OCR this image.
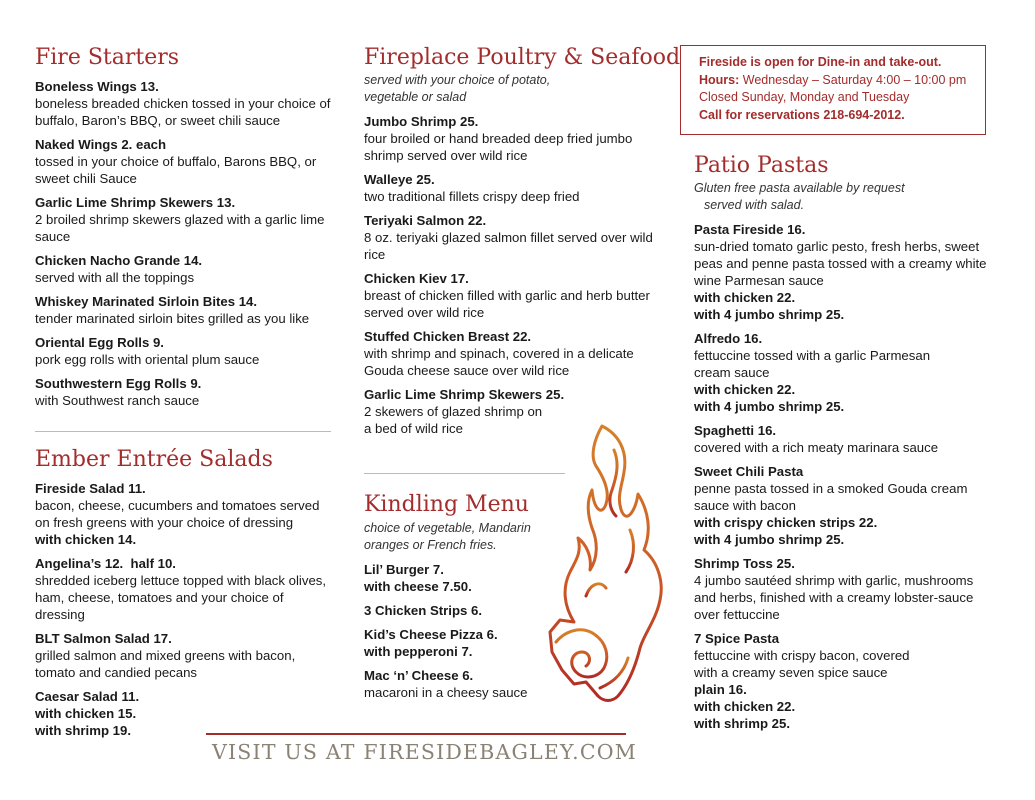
Fire Starters
Boneless Wings 13.
boneless breaded chicken tossed in your choice of buffalo, Baron’s BBQ, or sweet chili sauce
Naked Wings 2. each
tossed in your choice of buffalo, Barons BBQ, or sweet chili Sauce
Garlic Lime Shrimp Skewers 13.
2 broiled shrimp skewers glazed with a garlic lime sauce
Chicken Nacho Grande 14.
served with all the toppings
Whiskey Marinated Sirloin Bites 14.
tender marinated sirloin bites grilled as you like
Oriental Egg Rolls 9.
pork egg rolls with oriental plum sauce
Southwestern Egg Rolls 9.
with Southwest ranch sauce
Ember Entrée Salads
Fireside Salad 11.
bacon, cheese, cucumbers and tomatoes served on fresh greens with your choice of dressing
with chicken 14.
Angelina’s 12.  half 10.
shredded iceberg lettuce topped with black olives, ham, cheese, tomatoes and your choice of dressing
BLT Salmon Salad 17.
grilled salmon and mixed greens with bacon, tomato and candied pecans
Caesar Salad 11.
with chicken 15.
with shrimp 19.
Fireplace Poultry & Seafood

served with your choice of potato,
vegetable or salad

Jumbo Shrimp 25.
four broiled or hand breaded deep fried jumbo shrimp served over wild rice
Walleye 25.
two traditional fillets crispy deep fried
Teriyaki Salmon 22.
8 oz. teriyaki glazed salmon fillet served over wild rice
Chicken Kiev 17.
breast of chicken filled with garlic and herb butter served over wild rice
Stuffed Chicken Breast 22.
with shrimp and spinach, covered in a delicate Gouda cheese sauce over wild rice
Garlic Lime Shrimp Skewers 25.
2 skewers of glazed shrimp on
a bed of wild rice
Kindling Menu

choice of vegetable, Mandarin
oranges or French fries.

Lil’ Burger 7.
with cheese 7.50.
3 Chicken Strips 6.
Kid’s Cheese Pizza 6.
with pepperoni 7.
Mac ‘n’ Cheese 6.
macaroni in a cheesy sauce
Fireside is open for Dine-in and take-out.
Hours: Wednesday – Saturday 4:00 – 10:00 pm
Closed Sunday, Monday and Tuesday
Call for reservations 218-694-2012.
Patio Pastas

Gluten free pasta available by request
served with salad.

Pasta Fireside 16.
sun-dried tomato garlic pesto, fresh herbs, sweet peas and penne pasta tossed with a creamy white wine Parmesan sauce
with chicken 22.
with 4 jumbo shrimp 25.
Alfredo 16.
fettuccine tossed with a garlic Parmesan
cream sauce
with chicken 22.
with 4 jumbo shrimp 25.
Spaghetti 16.
covered with a rich meaty marinara sauce
Sweet Chili Pasta
penne pasta tossed in a smoked Gouda cream sauce with bacon
with crispy chicken strips 22.
with 4 jumbo shrimp 25.
Shrimp Toss 25.
4 jumbo sautéed shrimp with garlic, mushrooms and herbs, finished with a creamy lobster-sauce over fettuccine
7 Spice Pasta
fettuccine with crispy bacon, covered
with a creamy seven spice sauce
plain 16.
with chicken 22.
with shrimp 25.
VISIT US AT FIRESIDEBAGLEY.COM
